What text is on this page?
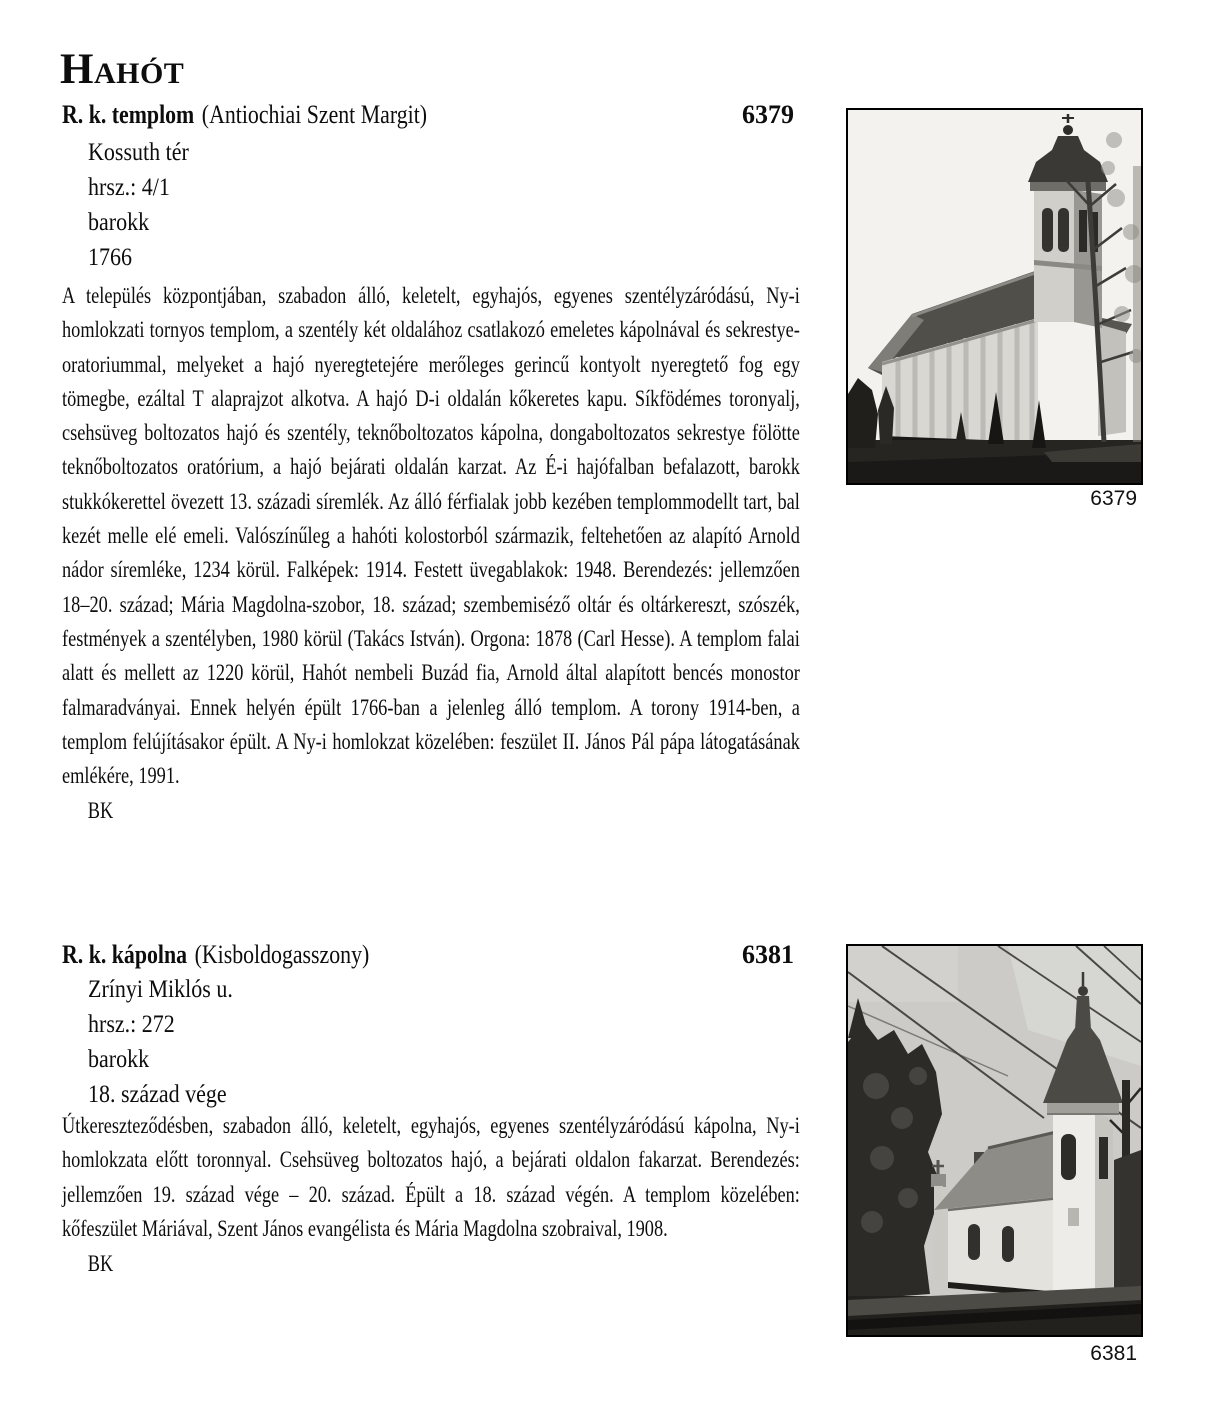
Hahót
R. k. templom (Antiochiai Szent Margit)	6379
Kossuth tér
hrsz.: 4/1
barokk
1766

A település központjában, szabadon álló, keletelt, egyhajós, egyenes szentélyzáródású, Ny-i homlokzati tornyos templom, a szentély két oldalához csatlakozó emeletes kápolnával és sekrestye-oratoriummal, melyeket a hajó nyeregtetejére merőleges gerincű kontyolt nyeregtető fog egy tömegbe, ezáltal T alaprajzot alkotva. A hajó D-i oldalán kőkeretes kapu. Síkfödémes toronyalj, csehsüveg boltozatos hajó és szentély, teknőboltozatos kápolna, dongaboltozatos sekrestye fölötte teknőboltozatos oratórium, a hajó bejárati oldalán karzat. Az É-i hajófalban befalazott, barokk stukkókerettel övezett 13. századi síremlék. Az álló férfialak jobb kezében templommodellt tart, bal kezét melle elé emeli. Valószínűleg a hahóti kolostorból származik, feltehetően az alapító Arnold nádor síremléke, 1234 körül. Falképek: 1914. Festett üvegablakok: 1948. Berendezés: jellemzően 18–20. század; Mária Magdolna-szobor, 18. század; szembemiséző oltár és oltárkereszt, szószék, festmények a szentélyben, 1980 körül (Takács István). Orgona: 1878 (Carl Hesse). A templom falai alatt és mellett az 1220 körül, Hahót nembeli Buzád fia, Arnold által alapított bencés monostor falmaradványai. Ennek helyén épült 1766-ban a jelenleg álló templom. A torony 1914-ben, a templom felújításakor épült. A Ny-i homlokzat közelében: feszület II. János Pál pápa látogatásának emlékére, 1991.

BK
6379
R. k. kápolna (Kisboldogasszony)	6381
Zrínyi Miklós u.
hrsz.: 272
barokk
18. század vége

Útkereszteződésben, szabadon álló, keletelt, egyhajós, egyenes szentélyzáródású kápolna, Ny-i homlokzata előtt toronnyal. Csehsüveg boltozatos hajó, a bejárati oldalon fakarzat. Berendezés: jellemzően 19. század vége – 20. század. Épült a 18. század végén. A templom közelében: kőfeszület Máriával, Szent János evangélista és Mária Magdolna szobraival, 1908.

BK
6381
